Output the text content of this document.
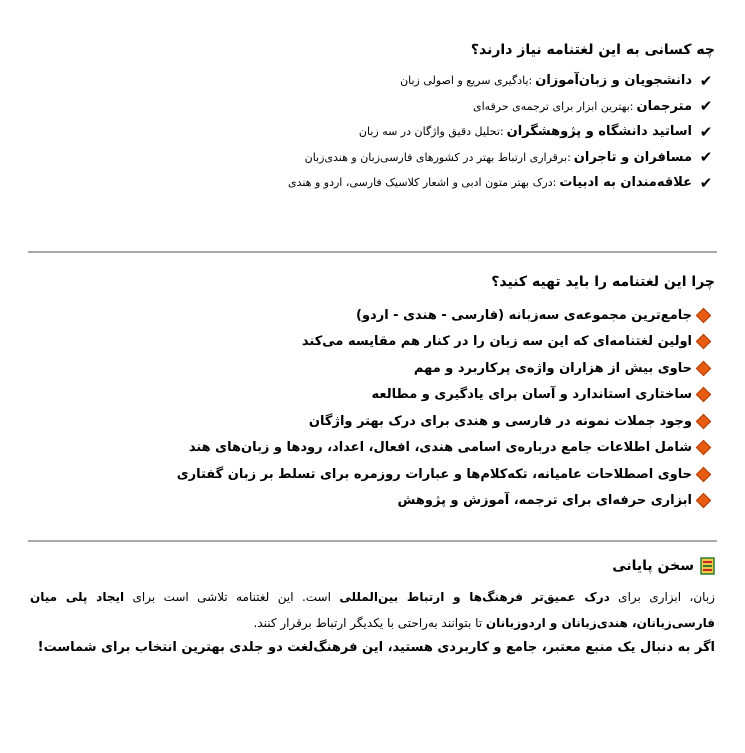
چه کسانی به این لغتنامه نیاز دارند؟
✔
دانشجویان و زبان‌آموزان
:یادگیری سریع و اصولی زبان
✔
مترجمان
:بهترین ابزار برای ترجمه‌ی حرفه‌ای
✔
اساتید دانشگاه و پژوهشگران
:تحلیل دقیق واژگان در سه زبان
✔
مسافران و تاجران
:برقراری ارتباط بهتر در کشورهای فارسی‌زبان و هندی‌زبان
✔
علاقه‌مندان به ادبیات
:درک بهتر متون ادبی و اشعار کلاسیک فارسی، اردو و هندی
چرا این لغتنامه را باید تهیه کنید؟
جامع‌ترین مجموعه‌ی سه‌زبانه (فارسی - هندی - اردو)
اولین لغتنامه‌ای که این سه زبان را در کنار هم مقایسه می‌کند
حاوی بیش از هزاران واژه‌ی پرکاربرد و مهم
ساختاری استاندارد و آسان برای یادگیری و مطالعه
وجود جملات نمونه در فارسی و هندی برای درک بهتر واژگان
شامل اطلاعات جامع درباره‌ی اسامی هندی، افعال، اعداد، رودها و زبان‌های هند
حاوی اصطلاحات عامیانه، تکه‌کلام‌ها و عبارات روزمره برای تسلط بر زبان گفتاری
ابزاری حرفه‌ای برای ترجمه، آموزش و پژوهش
سخن پایانی

زبان، ابزاری برای درک عمیق‌تر فرهنگ‌ها و ارتباط بین‌المللی است. این لغتنامه تلاشی است برای ایجاد پلی میان فارسی‌زبانان، هندی‌زبانان و اردوزبانان تا بتوانند به‌راحتی با یکدیگر ارتباط برقرار کنند.

اگر به دنبال یک منبع معتبر، جامع و کاربردی هستید، این فرهنگ‌لغت دو جلدی بهترین انتخاب برای شماست!
